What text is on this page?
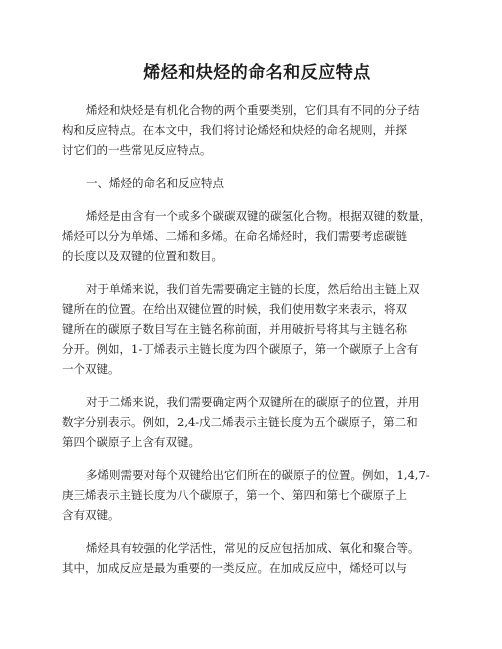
烯烃和炔烃的命名和反应特点
烯烃和炔烃是有机化合物的两个重要类别，它们具有不同的分子结
构和反应特点。在本文中，我们将讨论烯烃和炔烃的命名规则，并探
讨它们的一些常见反应特点。
一、烯烃的命名和反应特点
烯烃是由含有一个或多个碳碳双键的碳氢化合物。根据双键的数量，
烯烃可以分为单烯、二烯和多烯。在命名烯烃时，我们需要考虑碳链
的长度以及双键的位置和数目。
对于单烯来说，我们首先需要确定主链的长度，然后给出主链上双
键所在的位置。在给出双键位置的时候，我们使用数字来表示，将双
键所在的碳原子数目写在主链名称前面，并用破折号将其与主链名称
分开。例如，1-丁烯表示主链长度为四个碳原子，第一个碳原子上含有
一个双键。
对于二烯来说，我们需要确定两个双键所在的碳原子的位置，并用
数字分别表示。例如，2,4-戊二烯表示主链长度为五个碳原子，第二和
第四个碳原子上含有双键。
多烯则需要对每个双键给出它们所在的碳原子的位置。例如，1,4,7-
庚三烯表示主链长度为八个碳原子，第一个、第四和第七个碳原子上
含有双键。
烯烃具有较强的化学活性，常见的反应包括加成、氧化和聚合等。
其中，加成反应是最为重要的一类反应。在加成反应中，烯烃可以与
